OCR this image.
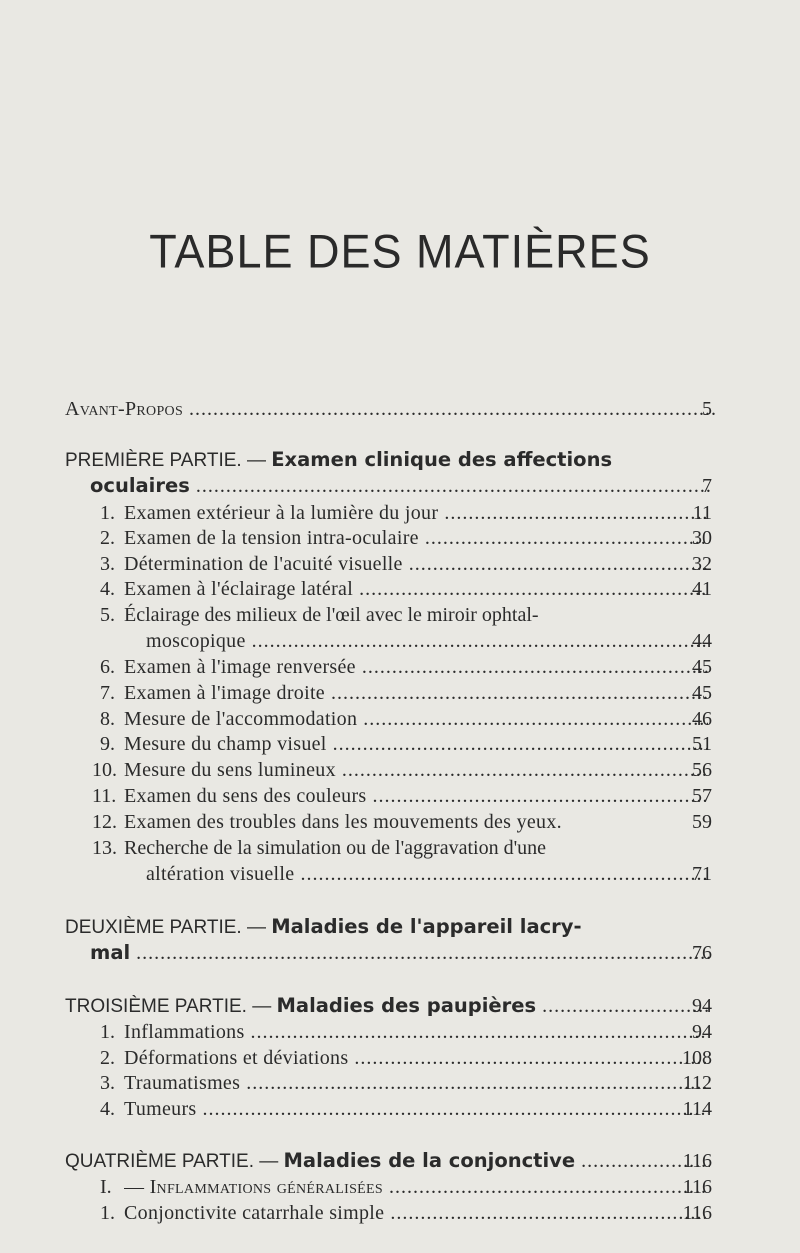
TABLE DES MATIÈRES
Avant-Propos .....	5
PREMIÈRE PARTIE. — Examen clinique des affections
oculaires .....	7
1. Examen extérieur à la lumière du jour .....	11
2. Examen de la tension intra-oculaire .....	30
3. Détermination de l'acuité visuelle .....	32
4. Examen à l'éclairage latéral .....	41
5. Éclairage des milieux de l'œil avec le miroir ophtal-
moscopique .....	44
6. Examen à l'image renversée .....	45
7. Examen à l'image droite .....	45
8. Mesure de l'accommodation .....	46
9. Mesure du champ visuel .....	51
10. Mesure du sens lumineux .....	56
11. Examen du sens des couleurs .....	57
12. Examen des troubles dans les mouvements des yeux.	59
13. Recherche de la simulation ou de l'aggravation d'une
altération visuelle .....	71
DEUXIÈME PARTIE. — Maladies de l'appareil lacry-
mal .....	76
TROISIÈME PARTIE. — Maladies des paupières .....	94
1. Inflammations .....	94
2. Déformations et déviations .....	108
3. Traumatismes .....	112
4. Tumeurs .....	114
QUATRIÈME PARTIE. — Maladies de la conjonctive .....	116
I. — Inflammations généralisées .....	116
1. Conjonctivite catarrhale simple .....	116
